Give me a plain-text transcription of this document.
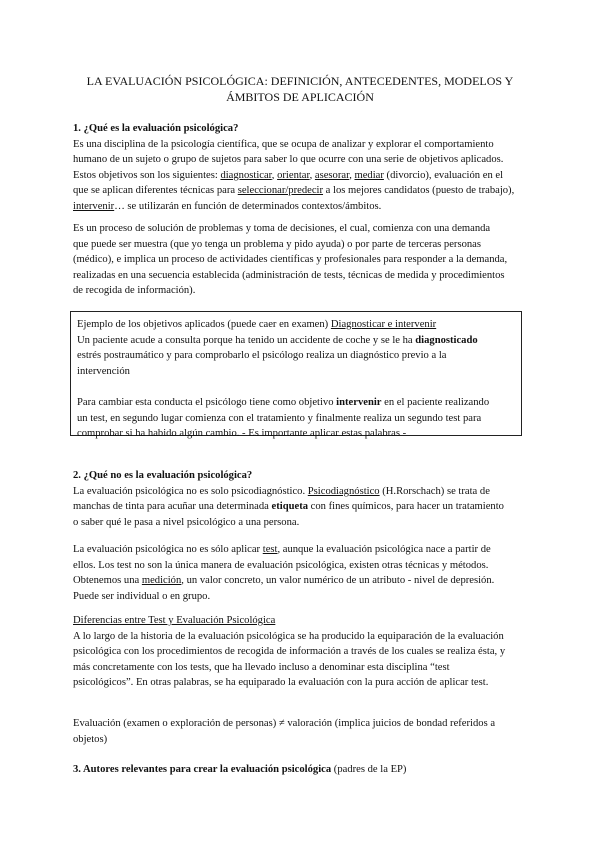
LA EVALUACIÓN PSICOLÓGICA: DEFINICIÓN, ANTECEDENTES, MODELOS Y
ÁMBITOS DE APLICACIÓN
1. ¿Qué es la evaluación psicológica?
Es una disciplina de la psicología científica, que se ocupa de analizar y explorar el comportamiento
humano de un sujeto o grupo de sujetos para saber lo que ocurre con una serie de objetivos aplicados.
Estos objetivos son los siguientes: diagnosticar, orientar, asesorar, mediar (divorcio), evaluación en el
que se aplican diferentes técnicas para seleccionar/predecir a los mejores candidatos (puesto de trabajo),
intervenir… se utilizarán en función de determinados contextos/ámbitos.
Es un proceso de solución de problemas y toma de decisiones, el cual, comienza con una demanda
que puede ser muestra (que yo tenga un problema y pido ayuda) o por parte de terceras personas
(médico), e implica un proceso de actividades científicas y profesionales para responder a la demanda,
realizadas en una secuencia establecida (administración de tests, técnicas de medida y procedimientos
de recogida de información).
Ejemplo de los objetivos aplicados (puede caer en examen) Diagnosticar e intervenir
Un paciente acude a consulta porque ha tenido un accidente de coche y se le ha diagnosticado
estrés postraumático y para comprobarlo el psicólogo realiza un diagnóstico previo a la
intervención
Para cambiar esta conducta el psicólogo tiene como objetivo intervenir en el paciente realizando
un test, en segundo lugar comienza con el tratamiento y finalmente realiza un segundo test para
comprobar si ha habido algún cambio. - Es importante aplicar estas palabras -
2. ¿Qué no es la evaluación psicológica?
La evaluación psicológica no es solo psicodiagnóstico. Psicodiagnóstico (H.Rorschach) se trata de
manchas de tinta para acuñar una determinada etiqueta con fines químicos, para hacer un tratamiento
o saber qué le pasa a nivel psicológico a una persona.
La evaluación psicológica no es sólo aplicar test, aunque la evaluación psicológica nace a partir de
ellos. Los test no son la única manera de evaluación psicológica, existen otras técnicas y métodos.
Obtenemos una medición, un valor concreto, un valor numérico de un atributo - nivel de depresión.
Puede ser individual o en grupo.
Diferencias entre Test y Evaluación Psicológica
A lo largo de la historia de la evaluación psicológica se ha producido la equiparación de la evaluación
psicológica con los procedimientos de recogida de información a través de los cuales se realiza ésta, y
más concretamente con los tests, que ha llevado incluso a denominar esta disciplina “test
psicológicos”. En otras palabras, se ha equiparado la evaluación con la pura acción de aplicar test.
Evaluación (examen o exploración de personas) ≠ valoración (implica juicios de bondad referidos a
objetos)
3. Autores relevantes para crear la evaluación psicológica (padres de la EP)
